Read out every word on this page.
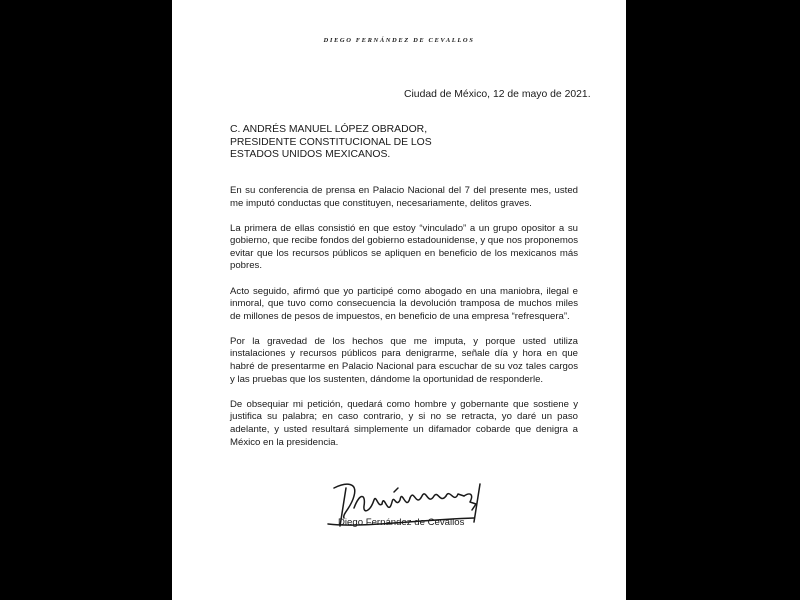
DIEGO FERNÁNDEZ DE CEVALLOS
Ciudad de México, 12 de mayo de 2021.
C. ANDRÉS MANUEL LÓPEZ OBRADOR,
PRESIDENTE CONSTITUCIONAL DE LOS
ESTADOS UNIDOS MEXICANOS.

En su conferencia de prensa en Palacio Nacional del 7 del presente mes, usted me imputó conductas que constituyen, necesariamente, delitos graves.

La primera de ellas consistió en que estoy “vinculado” a un grupo opositor a su gobierno, que recibe fondos del gobierno estadounidense, y que nos proponemos evitar que los recursos públicos se apliquen en beneficio de los mexicanos más pobres.

Acto seguido, afirmó que yo participé como abogado en una maniobra, ilegal e inmoral, que tuvo como consecuencia la devolución tramposa de muchos miles de millones de pesos de impuestos, en beneficio de una empresa “refresquera”.

Por la gravedad de los hechos que me imputa, y porque usted utiliza instalaciones y recursos públicos para denigrarme, señale día y hora en que habré de presentarme en Palacio Nacional para escuchar de su voz tales cargos y las pruebas que los sustenten, dándome la oportunidad de responderle.

De obsequiar mi petición, quedará como hombre y gobernante que sostiene y justifica su palabra; en caso contrario, y si no se retracta, yo daré un paso adelante, y usted resultará simplemente un difamador cobarde que denigra a México en la presidencia.

Diego Fernández de Cevallos
